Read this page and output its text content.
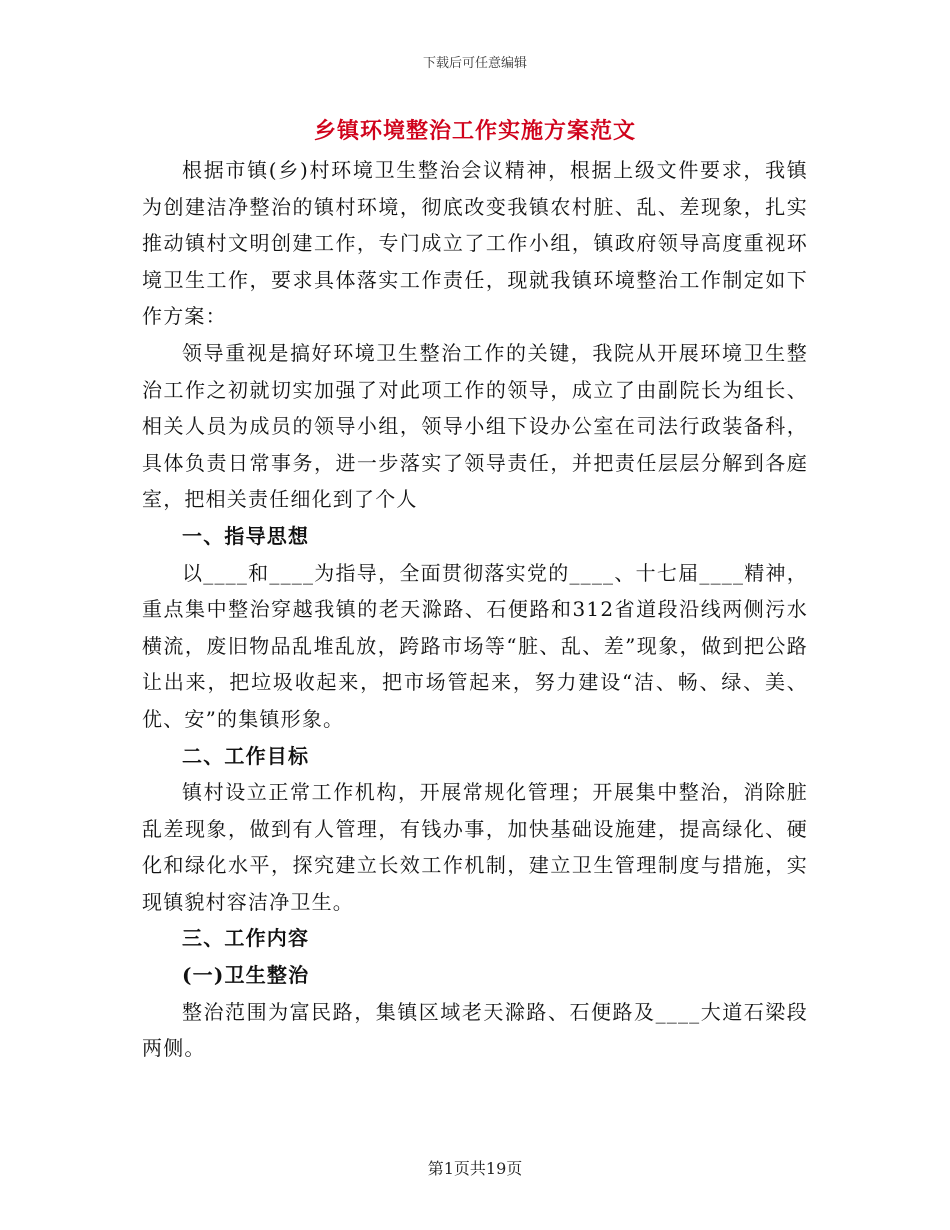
下载后可任意编辑
乡镇环境整治工作实施方案范文

根据市镇(乡)村环境卫生整治会议精神，根据上级文件要求，我镇为创建洁净整治的镇村环境，彻底改变我镇农村脏、乱、差现象，扎实推动镇村文明创建工作，专门成立了工作小组，镇政府领导高度重视环境卫生工作，要求具体落实工作责任，现就我镇环境整治工作制定如下作方案：

领导重视是搞好环境卫生整治工作的关键，我院从开展环境卫生整治工作之初就切实加强了对此项工作的领导，成立了由副院长为组长、相关人员为成员的领导小组，领导小组下设办公室在司法行政装备科，具体负责日常事务，进一步落实了领导责任，并把责任层层分解到各庭室，把相关责任细化到了个人

一、指导思想

以____和____为指导，全面贯彻落实党的____、十七届____精神，重点集中整治穿越我镇的老天滁路、石便路和312省道段沿线两侧污水横流，废旧物品乱堆乱放，跨路市场等“脏、乱、差”现象，做到把公路让出来，把垃圾收起来，把市场管起来，努力建设“洁、畅、绿、美、优、安”的集镇形象。

二、工作目标

镇村设立正常工作机构，开展常规化管理；开展集中整治，消除脏乱差现象，做到有人管理，有钱办事，加快基础设施建，提高绿化、硬化和绿化水平，探究建立长效工作机制，建立卫生管理制度与措施，实现镇貌村容洁净卫生。

三、工作内容

(一)卫生整治

整治范围为富民路，集镇区域老天滁路、石便路及____大道石梁段两侧。

第1页共19页
